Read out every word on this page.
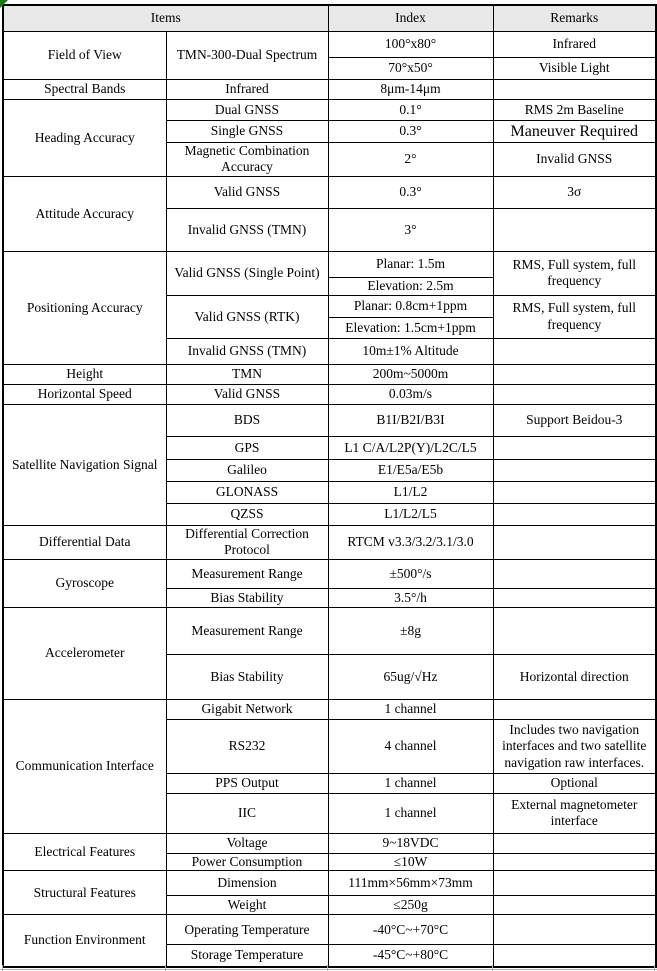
Items		Index	Remarks
Field of View	TMN-300-Dual Spectrum	100°x80°	Infrared
		70°x50°	Visible Light
Spectral Bands	Infrared	8μm-14μm	
Heading Accuracy	Dual GNSS	0.1°	RMS 2m Baseline
	Single GNSS	0.3°	Maneuver Required
	Magnetic Combination Accuracy	2°	Invalid GNSS
Attitude Accuracy	Valid GNSS	0.3°	3σ
	Invalid GNSS (TMN)	3°	
Positioning Accuracy	Valid GNSS (Single Point)	Planar: 1.5m	RMS, Full system, full frequency
		Elevation: 2.5m	
	Valid GNSS (RTK)	Planar: 0.8cm+1ppm	RMS, Full system, full frequency
		Elevation: 1.5cm+1ppm	
	Invalid GNSS (TMN)	10m±1% Altitude	
Height	TMN	200m~5000m	
Horizontal Speed	Valid GNSS	0.03m/s	
Satellite Navigation Signal	BDS	B1I/B2I/B3I	Support Beidou-3
	GPS	L1 C/A/L2P(Y)/L2C/L5	
	Galileo	E1/E5a/E5b	
	GLONASS	L1/L2	
	QZSS	L1/L2/L5	
Differential Data	Differential Correction Protocol	RTCM v3.3/3.2/3.1/3.0	
Gyroscope	Measurement Range	±500°/s	
	Bias Stability	3.5°/h	
Accelerometer	Measurement Range	±8g	
	Bias Stability	65ug/√Hz	Horizontal direction
Communication Interface	Gigabit Network	1 channel	
	RS232	4 channel	Includes two navigation interfaces and two satellite navigation raw interfaces.
	PPS Output	1 channel	Optional
	IIC	1 channel	External magnetometer interface
Electrical Features	Voltage	9~18VDC	
	Power Consumption	≤10W	
Structural Features	Dimension	111mm×56mm×73mm	
	Weight	≤250g	
Function Environment	Operating Temperature	-40°C~+70°C	
	Storage Temperature	-45°C~+80°C	
